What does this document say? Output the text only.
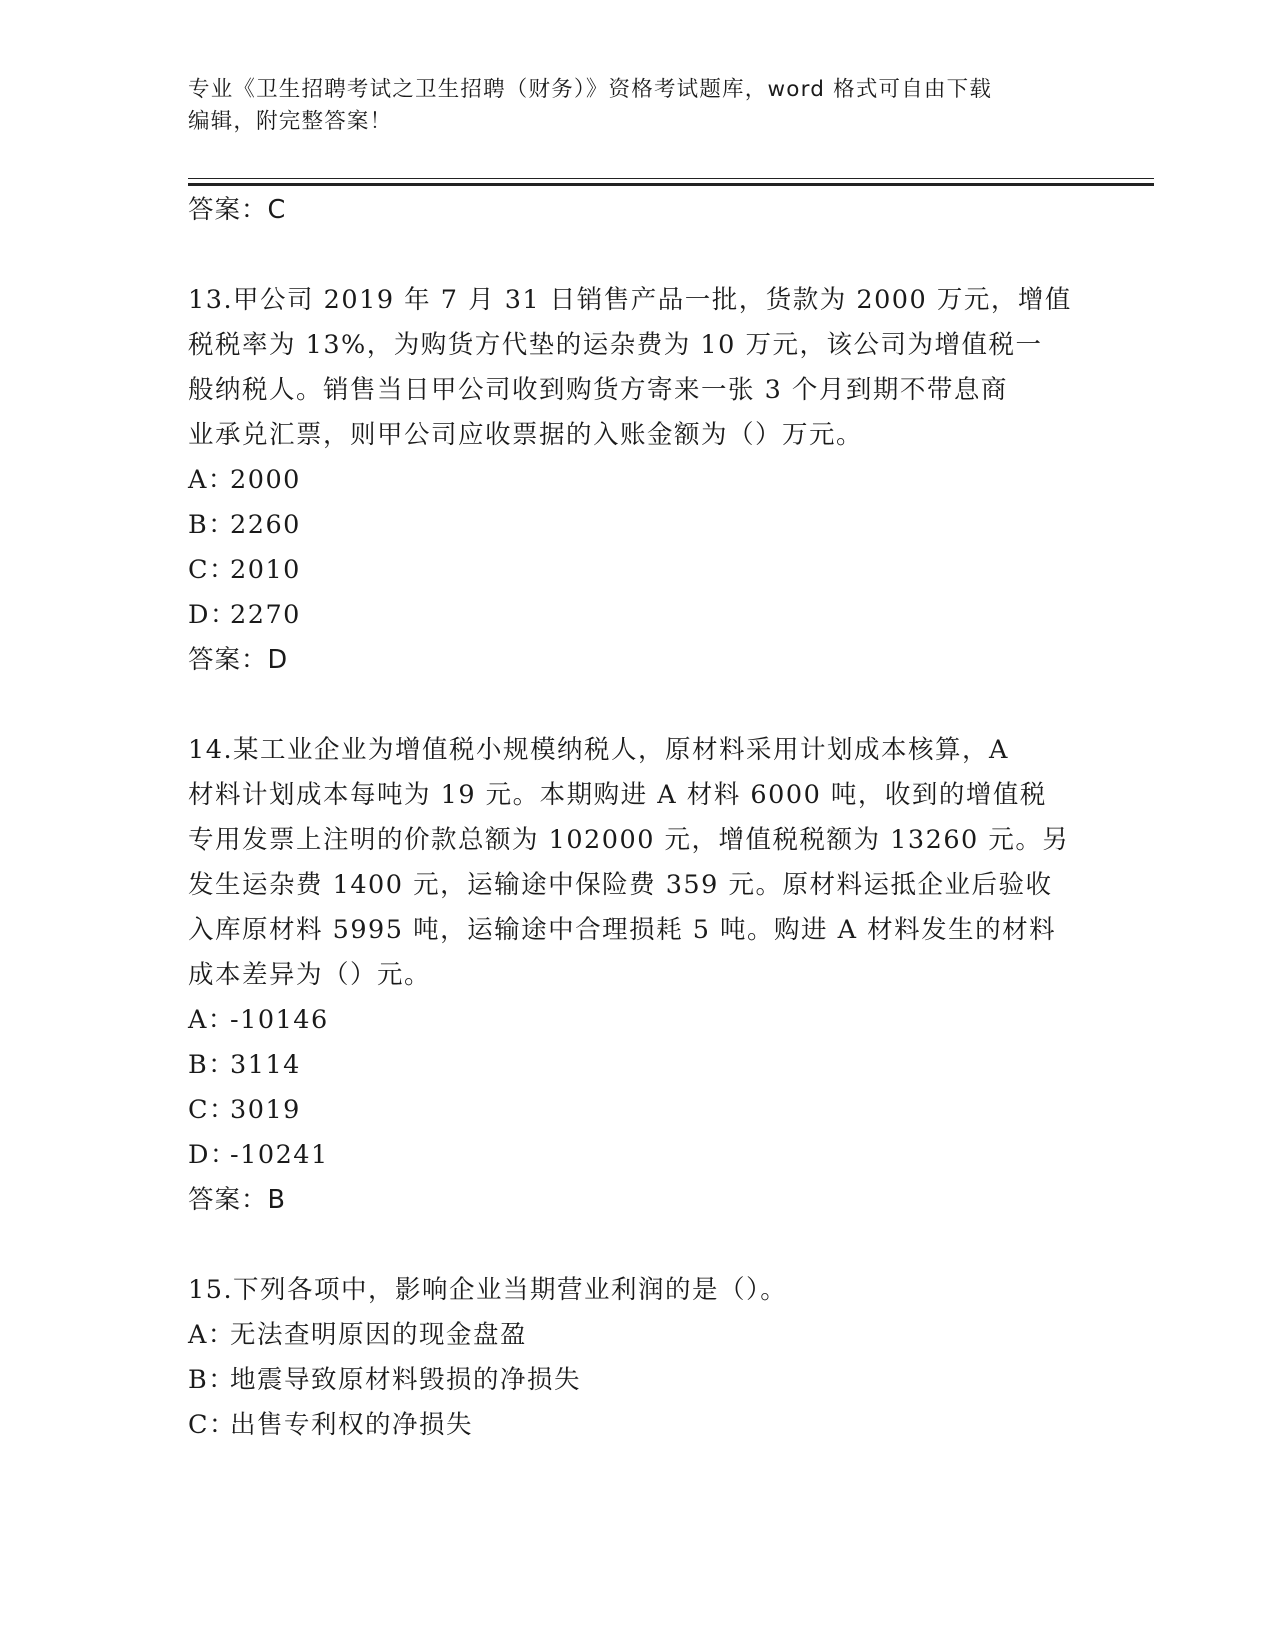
专业《卫生招聘考试之卫生招聘（财务）》资格考试题库，word 格式可自由下载
编辑，附完整答案！
答案：C
13.甲公司 2019 年 7 月 31 日销售产品一批，货款为 2000 万元，增值
税税率为 13%，为购货方代垫的运杂费为 10 万元，该公司为增值税一
般纳税人。销售当日甲公司收到购货方寄来一张 3 个月到期不带息商
业承兑汇票，则甲公司应收票据的入账金额为（）万元。
A：2000
B：2260
C：2010
D：2270
答案：D
14.某工业企业为增值税小规模纳税人，原材料采用计划成本核算，A
材料计划成本每吨为 19 元。本期购进 A 材料 6000 吨，收到的增值税
专用发票上注明的价款总额为 102000 元，增值税税额为 13260 元。另
发生运杂费 1400 元，运输途中保险费 359 元。原材料运抵企业后验收
入库原材料 5995 吨，运输途中合理损耗 5 吨。购进 A 材料发生的材料
成本差异为（）元。
A：-10146
B：3114
C：3019
D：-10241
答案：B
15.下列各项中，影响企业当期营业利润的是（）。
A：无法查明原因的现金盘盈
B：地震导致原材料毁损的净损失
C：出售专利权的净损失
